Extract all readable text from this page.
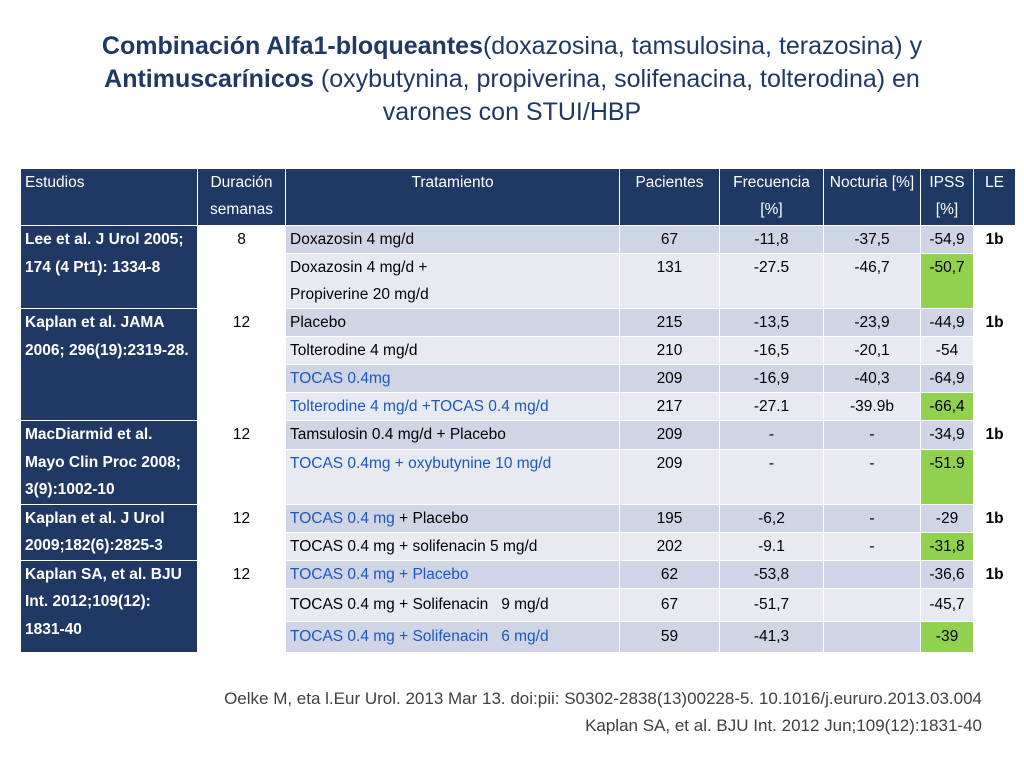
Combinación Alfa1-bloqueantes(doxazosina, tamsulosina, terazosina) y
Antimuscarínicos (oxybutynina, propiverina, solifenacina, tolterodina) en
varones con STUI/HBP
Estudios	Duración semanas	Tratamiento	Pacientes	Frecuencia [%]	Nocturia [%]	IPSS [%]	LE
Lee et al. J Urol 2005; 174 (4 Pt1): 1334-8	8	Doxazosin 4 mg/d	67	-11,8	-37,5	-54,9	1b

		Doxazosin 4 mg/d +
Propiverine 20 mg/d	131	-27.5	-46,7	-50,7	
Kaplan et al. JAMA 2006; 296(19):2319-28.	12	Placebo	215	-13,5	-23,9	-44,9	1b
		Tolterodine 4 mg/d	210	-16,5	-20,1	-54	
		TOCAS 0.4mg	209	-16,9	-40,3	-64,9	
		Tolterodine 4 mg/d +TOCAS 0.4 mg/d	217	-27.1	-39.9b	-66,4	
MacDiarmid et al. Mayo Clin Proc 2008; 3(9):1002-10	12	Tamsulosin 0.4 mg/d + Placebo	209	-	-	-34,9	1b
		TOCAS 0.4mg + oxybutynine 10 mg/d	209	-	-	-51.9	
Kaplan et al. J Urol 2009;182(6):2825-3	12	TOCAS 0.4 mg + Placebo	195	-6,2	-	-29	1b
		TOCAS 0.4 mg + solifenacin 5 mg/d	202	-9.1	-	-31,8	
Kaplan SA, et al. BJU Int. 2012;109(12): 1831-40	12	TOCAS 0.4 mg + Placebo	62	-53,8		-36,6	1b
		TOCAS 0.4 mg + Solifenacin   9 mg/d	67	-51,7		-45,7	
		TOCAS 0.4 mg + Solifenacin   6 mg/d	59	-41,3		-39	
Oelke M, eta l.Eur Urol. 2013 Mar 13. doi:pii: S0302-2838(13)00228-5. 10.1016/j.eururo.2013.03.004
Kaplan SA, et al. BJU Int. 2012 Jun;109(12):1831-40
